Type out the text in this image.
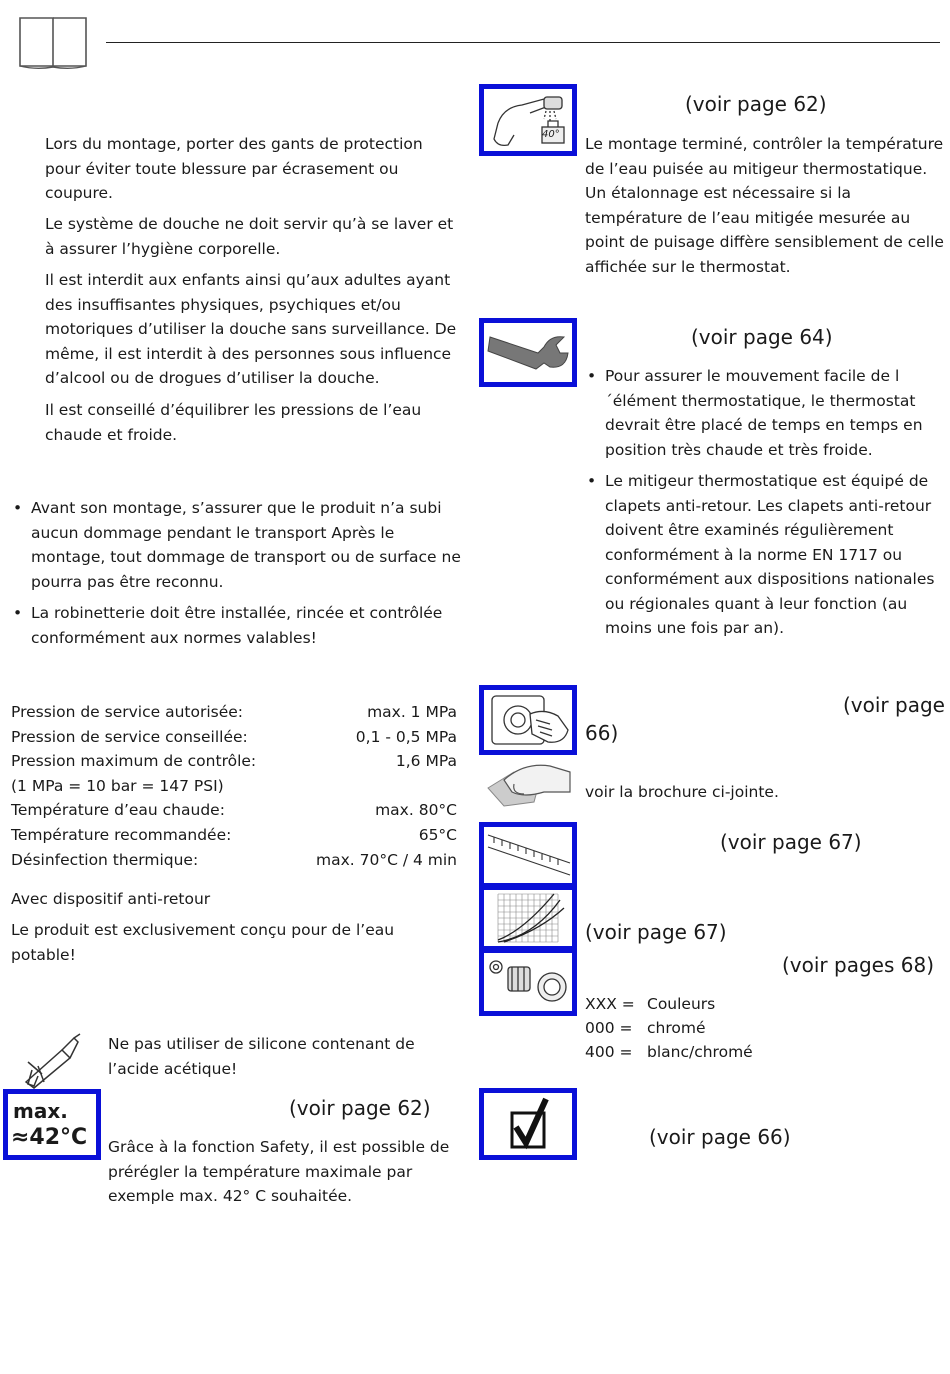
Lors du montage, porter des gants de protection pour éviter toute blessure par écrasement ou coupure.
Le système de douche ne doit servir qu’à se laver et à assurer l’hygiène corporelle.
Il est interdit aux enfants ainsi qu’aux adultes ayant des insuffisantes physiques, psychiques et/ou motoriques d’utiliser la douche sans surveillance. De même, il est interdit à des personnes sous influence d’alcool ou de drogues d’utiliser la douche.
Il est conseillé d’équilibrer les pressions de l’eau chaude et froide.
• Avant son montage, s’assurer que le produit n’a subi aucun dommage pendant le transport Après le montage, tout dommage de transport ou de surface ne pourra pas être reconnu.
• La robinetterie doit être installée, rincée et contrôlée conformément aux normes valables!
Pression de service autorisée:	max. 1 MPa
Pression de service conseillée:	0,1 - 0,5 MPa
Pression maximum de contrôle:	1,6 MPa
(1 MPa = 10 bar = 147 PSI)
Température d’eau chaude:	max. 80°C
Température recommandée:	65°C
Désinfection thermique:	max. 70°C / 4 min
Avec dispositif anti-retour
Le produit est exclusivement conçu pour de l’eau potable!
Ne pas utiliser de silicone contenant de l’acide acétique!
max.
≈42°C
(voir page 62)
Grâce à la fonction Safety, il est possible de prérégler la température maximale par exemple max. 42° C souhaitée.
40°
(voir page 62)
Le montage terminé, contrôler la température de l’eau puisée au mitigeur thermostatique. Un étalonnage est nécessaire si la température de l’eau mitigée mesurée au point de puisage diffère sensiblement de celle affichée sur le thermostat.
(voir page 64)
• Pour assurer le mouvement facile de l´élément thermostatique, le thermostat devrait être placé de temps en temps en position très chaude et très froide.
• Le mitigeur thermostatique est équipé de clapets anti-retour. Les clapets anti-retour doivent être examinés régulièrement conformément à la norme EN 1717 ou conformément aux dispositions nationales ou régionales quant à leur fonction (au moins une fois par an).
(voir page
66)
voir la brochure ci-jointe.
(voir page 67)
(voir page 67)
(voir pages 68)
XXX = Couleurs
000 = chromé
400 = blanc/chromé
(voir page 66)
